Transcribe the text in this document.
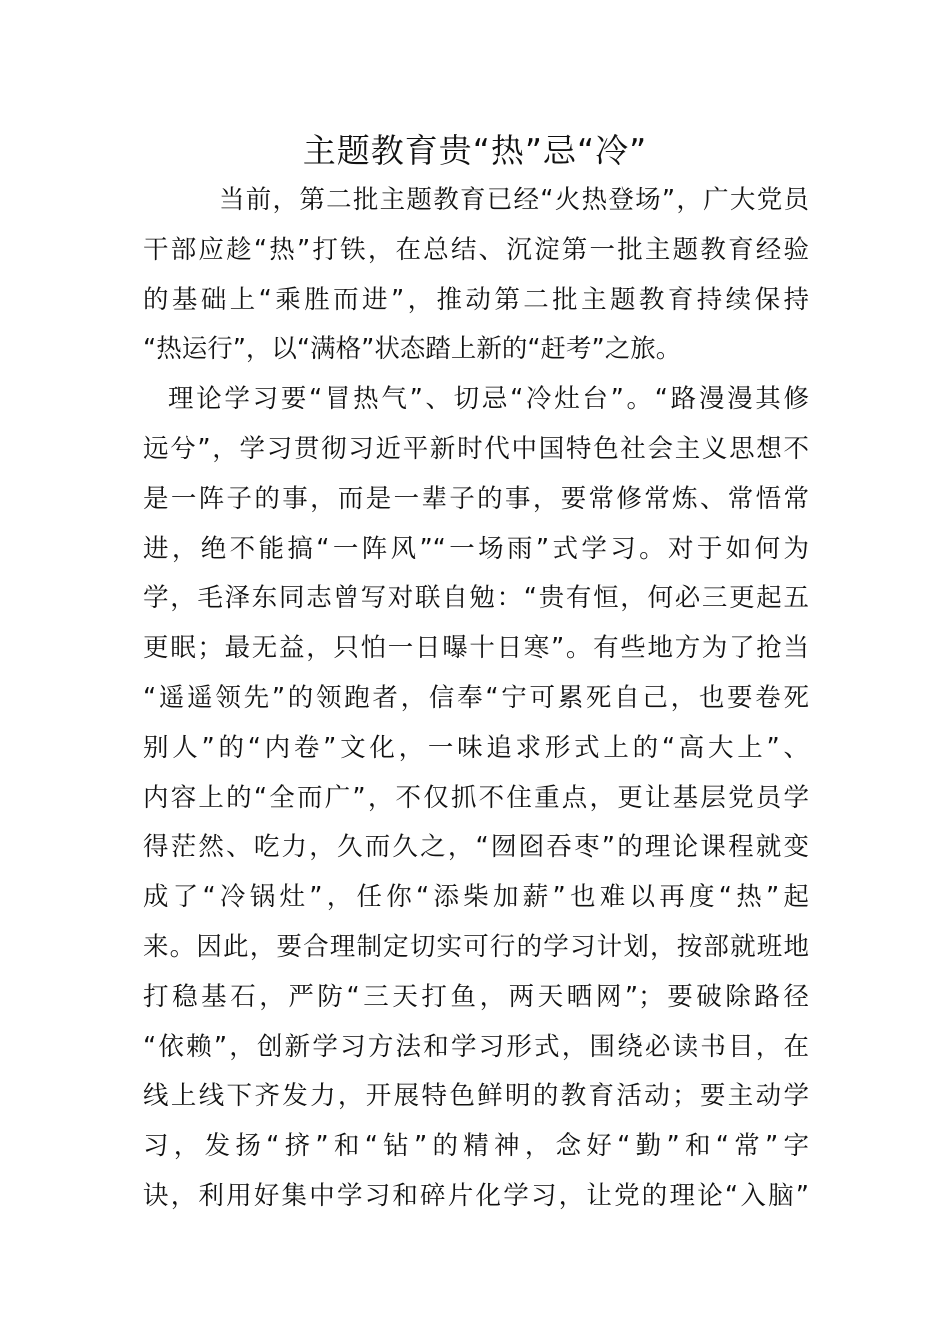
主题教育贵“热”忌“冷”
当前，第二批主题教育已经“火热登场”，广大党员
干部应趁“热”打铁，在总结、沉淀第一批主题教育经验
的基础上“乘胜而进”，推动第二批主题教育持续保持
“热运行”，以“满格”状态踏上新的“赶考”之旅。
理论学习要“冒热气”、切忌“冷灶台”。“路漫漫其修
远兮”，学习贯彻习近平新时代中国特色社会主义思想不
是一阵子的事，而是一辈子的事，要常修常炼、常悟常
进，绝不能搞“一阵风”“一场雨”式学习。对于如何为
学，毛泽东同志曾写对联自勉：“贵有恒，何必三更起五
更眠；最无益，只怕一日曝十日寒”。有些地方为了抢当
“遥遥领先”的领跑者，信奉“宁可累死自己，也要卷死
别人”的“内卷”文化，一味追求形式上的“高大上”、
内容上的“全而广”，不仅抓不住重点，更让基层党员学
得茫然、吃力，久而久之，“囫囵吞枣”的理论课程就变
成了“冷锅灶”，任你“添柴加薪”也难以再度“热”起
来。因此，要合理制定切实可行的学习计划，按部就班地
打稳基石，严防“三天打鱼，两天晒网”；要破除路径
“依赖”，创新学习方法和学习形式，围绕必读书目，在
线上线下齐发力，开展特色鲜明的教育活动；要主动学
习，发扬“挤”和“钻”的精神，念好“勤”和“常”字
诀，利用好集中学习和碎片化学习，让党的理论“入脑”
